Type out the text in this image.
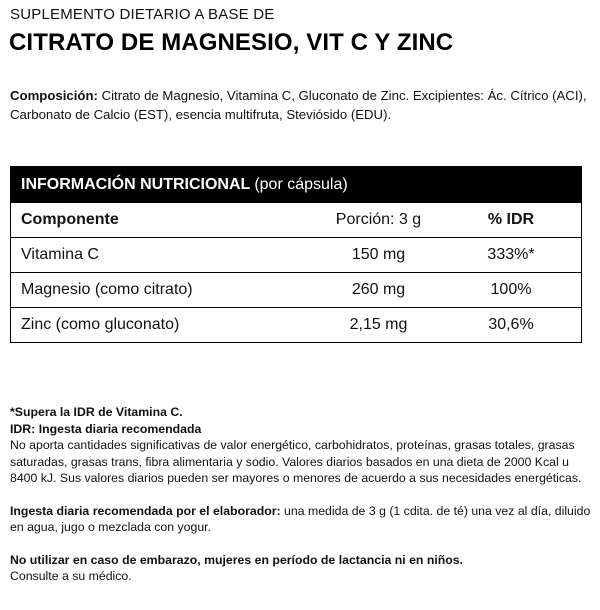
SUPLEMENTO DIETARIO A BASE DE
CITRATO DE MAGNESIO, VIT C Y ZINC
Composición: Citrato de Magnesio, Vitamina C, Gluconato de Zinc. Excipientes: Ác. Cítrico (ACI), Carbonato de Calcio (EST), esencia multifruta, Steviósido (EDU).
INFORMACIÓN NUTRICIONAL (por cápsula)
Componente	Porción: 3 g	% IDR
Vitamina C	150 mg	333%*
Magnesio (como citrato)	260 mg	100%
Zinc (como gluconato)	2,15 mg	30,6%

*Supera la IDR de Vitamina C.

IDR: Ingesta diaria recomendada

No aporta cantidades significativas de valor energético, carbohidratos, proteínas, grasas totales, grasas saturadas, grasas trans, fibra alimentaria y sodio. Valores diarios basados en una dieta de 2000 Kcal u 8400 kJ. Sus valores diarios pueden ser mayores o menores de acuerdo a sus necesidades energéticas.

Ingesta diaria recomendada por el elaborador: una medida de 3 g (1 cdita. de té) una vez al día, diluido en agua, jugo o mezclada con yogur.

No utilizar en caso de embarazo, mujeres en período de lactancia ni en niños.

Consulte a su médico.
